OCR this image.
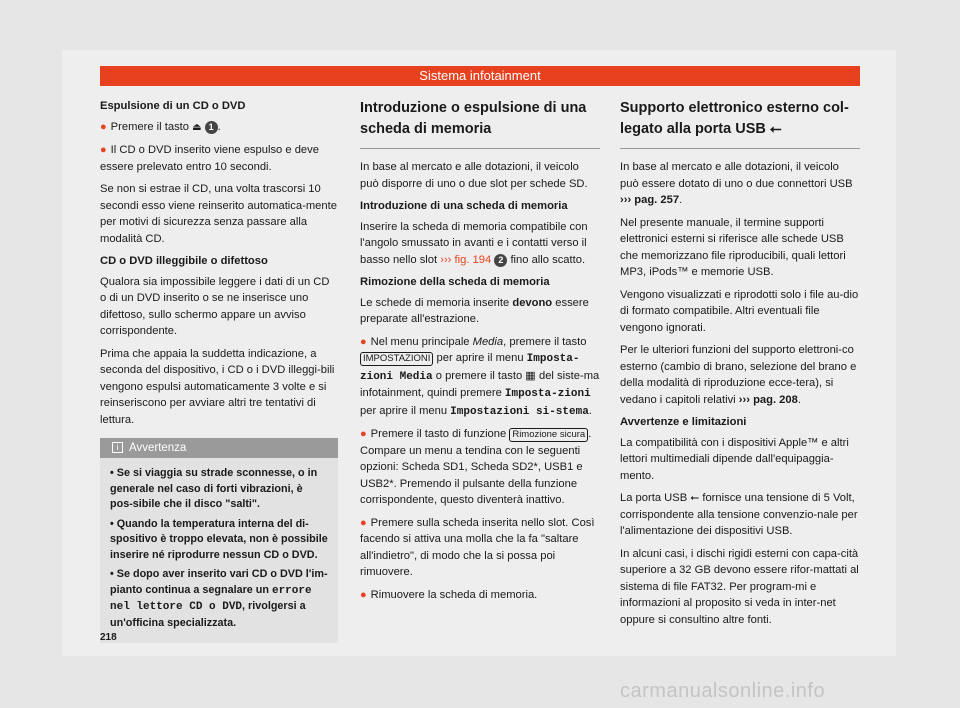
Sistema infotainment

Espulsione di un CD o DVD

● Premere il tasto ⏏ 1 .

● Il CD o DVD inserito viene espulso e deve essere prelevato entro 10 secondi.

Se non si estrae il CD, una volta trascorsi 10 secondi esso viene reinserito automatica-mente per motivi di sicurezza senza passare alla modalità CD.

CD o DVD illeggibile o difettoso

Qualora sia impossibile leggere i dati di un CD o di un DVD inserito o se ne inserisce uno difettoso, sullo schermo appare un avviso corrispondente.

Prima che appaia la suddetta indicazione, a seconda del dispositivo, i CD o i DVD illeggi-bili vengono espulsi automaticamente 3 volte e si reinseriscono per avviare altri tre tentativi di lettura.

i Avvertenza

• Se si viaggia su strade sconnesse, o in generale nel caso di forti vibrazioni, è pos-sibile che il disco "salti".

• Quando la temperatura interna del di-spositivo è troppo elevata, non è possibile inserire né riprodurre nessun CD o DVD.

• Se dopo aver inserito vari CD o DVD l'im-pianto continua a segnalare un errore nel lettore CD o DVD, rivolgersi a un'officina specializzata.

Introduzione o espulsione di una scheda di memoria

In base al mercato e alle dotazioni, il veicolo può disporre di uno o due slot per schede SD.

Introduzione di una scheda di memoria

Inserire la scheda di memoria compatibile con l'angolo smussato in avanti e i contatti verso il basso nello slot ››› fig. 194 2 fino allo scatto.

Rimozione della scheda di memoria

Le schede di memoria inserite devono essere preparate all'estrazione.

● Nel menu principale Media, premere il tasto IMPOSTAZIONI per aprire il menu Imposta-zioni Media o premere il tasto ▦ del siste-ma infotainment, quindi premere Imposta-zioni per aprire il menu Impostazioni si-stema.

● Premere il tasto di funzione Rimozione sicura . Compare un menu a tendina con le seguenti opzioni: Scheda SD1, Scheda SD2*, USB1 e USB2*. Premendo il pulsante della funzione corrispondente, questo diventerà inattivo.

● Premere sulla scheda inserita nello slot. Così facendo si attiva una molla che la fa "saltare all'indietro", di modo che la si possa poi rimuovere.

● Rimuovere la scheda di memoria.

Supporto elettronico esterno col-legato alla porta USB ⭠

In base al mercato e alle dotazioni, il veicolo può essere dotato di uno o due connettori USB ››› pag. 257.

Nel presente manuale, il termine supporti elettronici esterni si riferisce alle schede USB che memorizzano file riproducibili, quali lettori MP3, iPods™ e memorie USB.

Vengono visualizzati e riprodotti solo i file au-dio di formato compatibile. Altri eventuali file vengono ignorati.

Per le ulteriori funzioni del supporto elettroni-co esterno (cambio di brano, selezione del brano e della modalità di riproduzione ecce-tera), si vedano i capitoli relativi ››› pag. 208.

Avvertenze e limitazioni

La compatibilità con i dispositivi Apple™ e altri lettori multimediali dipende dall'equipaggia-mento.

La porta USB ⭠ fornisce una tensione di 5 Volt, corrispondente alla tensione convenzio-nale per l'alimentazione dei dispositivi USB.

In alcuni casi, i dischi rigidi esterni con capa-cità superiore a 32 GB devono essere rifor-mattati al sistema di file FAT32. Per program-mi e informazioni al proposito si veda in inter-net oppure si consultino altre fonti.

218
carmanualsonline.info
